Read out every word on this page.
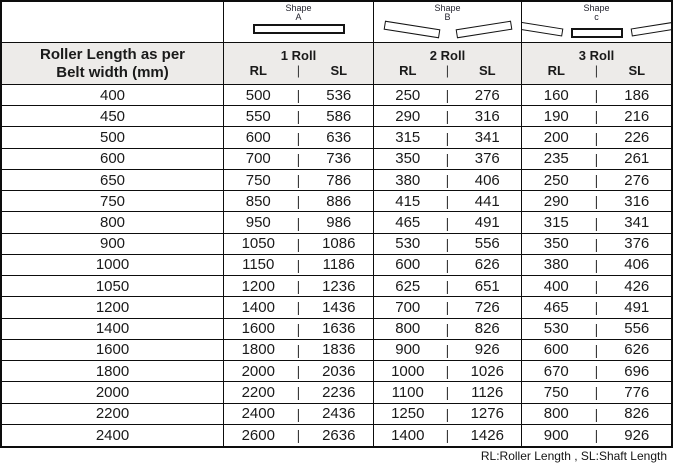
Shape
A
Shape
B
Shape
c
Roller Length as per
Belt width (mm)
1 Roll
RL	|	SL
2 Roll
RL	|	SL
3 Roll
RL	|	SL
400	500	|	536	250	|	276	160	|	186
450	550	|	586	290	|	316	190	|	216
500	600	|	636	315	|	341	200	|	226
600	700	|	736	350	|	376	235	|	261
650	750	|	786	380	|	406	250	|	276
750	850	|	886	415	|	441	290	|	316
800	950	|	986	465	|	491	315	|	341
900	1050	|	1086	530	|	556	350	|	376
1000	1150	|	1186	600	|	626	380	|	406
1050	1200	|	1236	625	|	651	400	|	426
1200	1400	|	1436	700	|	726	465	|	491
1400	1600	|	1636	800	|	826	530	|	556
1600	1800	|	1836	900	|	926	600	|	626
1800	2000	|	2036	1000	|	1026	670	|	696
2000	2200	|	2236	1100	|	1126	750	|	776
2200	2400	|	2436	1250	|	1276	800	|	826
2400	2600	|	2636	1400	|	1426	900	|	926
RL:Roller Length , SL:Shaft Length
